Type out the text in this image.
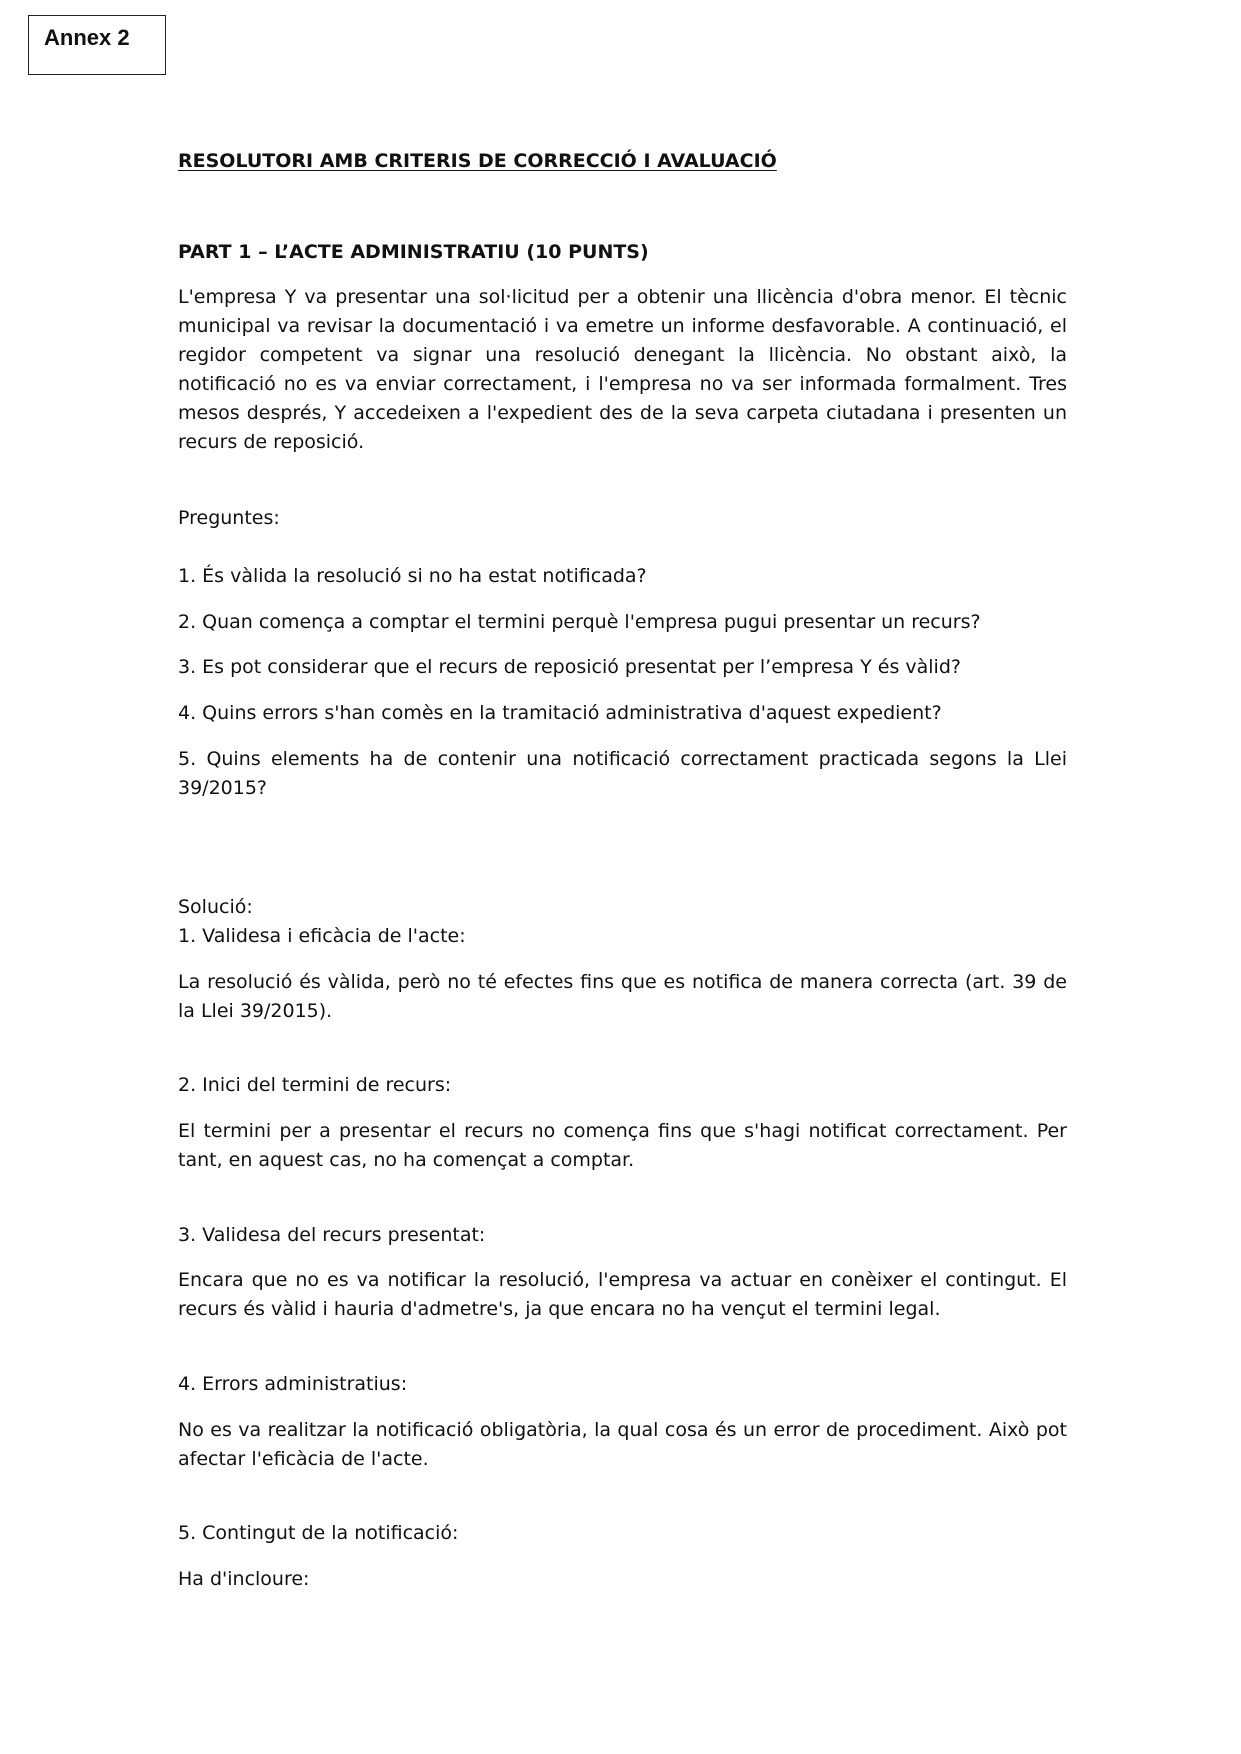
Annex 2

RESOLUTORI AMB CRITERIS DE CORRECCIÓ I AVALUACIÓ

PART 1 – L’ACTE ADMINISTRATIU (10 PUNTS)

L'empresa Y va presentar una sol·licitud per a obtenir una llicència d'obra menor. El tècnic municipal va revisar la documentació i va emetre un informe desfavorable. A continuació, el regidor competent va signar una resolució denegant la llicència. No obstant això, la notificació no es va enviar correctament, i l'empresa no va ser informada formalment. Tres mesos després, Y accedeixen a l'expedient des de la seva carpeta ciutadana i presenten un recurs de reposició.

Preguntes:

1. És vàlida la resolució si no ha estat notificada?

2. Quan comença a comptar el termini perquè l'empresa pugui presentar un recurs?

3. Es pot considerar que el recurs de reposició presentat per l’empresa Y és vàlid?

4. Quins errors s'han comès en la tramitació administrativa d'aquest expedient?

5. Quins elements ha de contenir una notificació correctament practicada segons la Llei 39/2015?

Solució:

1. Validesa i eficàcia de l'acte:

La resolució és vàlida, però no té efectes fins que es notifica de manera correcta (art. 39 de la Llei 39/2015).

2. Inici del termini de recurs:

El termini per a presentar el recurs no comença fins que s'hagi notificat correctament. Per tant, en aquest cas, no ha començat a comptar.

3. Validesa del recurs presentat:

Encara que no es va notificar la resolució, l'empresa va actuar en conèixer el contingut. El recurs és vàlid i hauria d'admetre's, ja que encara no ha vençut el termini legal.

4. Errors administratius:

No es va realitzar la notificació obligatòria, la qual cosa és un error de procediment. Això pot afectar l'eficàcia de l'acte.

5. Contingut de la notificació:

Ha d'incloure:
